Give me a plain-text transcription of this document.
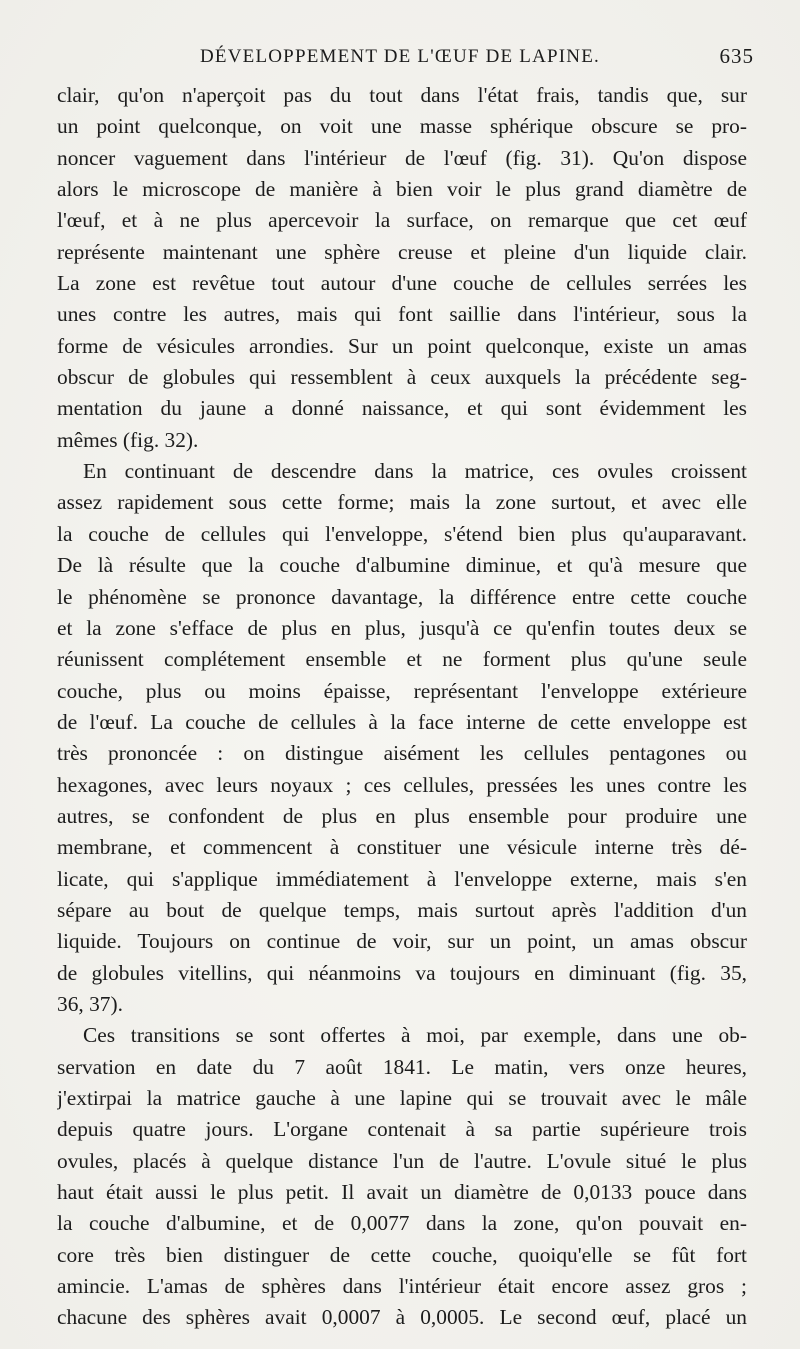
DÉVELOPPEMENT DE L'ŒUF DE LAPINE.	635
clair, qu'on n'aperçoit pas du tout dans l'état frais, tandis que, sur
un point quelconque, on voit une masse sphérique obscure se pro-
noncer vaguement dans l'intérieur de l'œuf (fig. 31). Qu'on dispose
alors le microscope de manière à bien voir le plus grand diamètre de
l'œuf, et à ne plus apercevoir la surface, on remarque que cet œuf
représente maintenant une sphère creuse et pleine d'un liquide clair.
La zone est revêtue tout autour d'une couche de cellules serrées les
unes contre les autres, mais qui font saillie dans l'intérieur, sous la
forme de vésicules arrondies. Sur un point quelconque, existe un amas
obscur de globules qui ressemblent à ceux auxquels la précédente seg-
mentation du jaune a donné naissance, et qui sont évidemment les
mêmes (fig. 32).
En continuant de descendre dans la matrice, ces ovules croissent
assez rapidement sous cette forme; mais la zone surtout, et avec elle
la couche de cellules qui l'enveloppe, s'étend bien plus qu'auparavant.
De là résulte que la couche d'albumine diminue, et qu'à mesure que
le phénomène se prononce davantage, la différence entre cette couche
et la zone s'efface de plus en plus, jusqu'à ce qu'enfin toutes deux se
réunissent complétement ensemble et ne forment plus qu'une seule
couche, plus ou moins épaisse, représentant l'enveloppe extérieure
de l'œuf. La couche de cellules à la face interne de cette enveloppe est
très prononcée : on distingue aisément les cellules pentagones ou
hexagones, avec leurs noyaux ; ces cellules, pressées les unes contre les
autres, se confondent de plus en plus ensemble pour produire une
membrane, et commencent à constituer une vésicule interne très dé-
licate, qui s'applique immédiatement à l'enveloppe externe, mais s'en
sépare au bout de quelque temps, mais surtout après l'addition d'un
liquide. Toujours on continue de voir, sur un point, un amas obscur
de globules vitellins, qui néanmoins va toujours en diminuant (fig. 35,
36, 37).
Ces transitions se sont offertes à moi, par exemple, dans une ob-
servation en date du 7 août 1841. Le matin, vers onze heures,
j'extirpai la matrice gauche à une lapine qui se trouvait avec le mâle
depuis quatre jours. L'organe contenait à sa partie supérieure trois
ovules, placés à quelque distance l'un de l'autre. L'ovule situé le plus
haut était aussi le plus petit. Il avait un diamètre de 0,0133 pouce dans
la couche d'albumine, et de 0,0077 dans la zone, qu'on pouvait en-
core très bien distinguer de cette couche, quoiqu'elle se fût fort
amincie. L'amas de sphères dans l'intérieur était encore assez gros ;
chacune des sphères avait 0,0007 à 0,0005. Le second œuf, placé un
